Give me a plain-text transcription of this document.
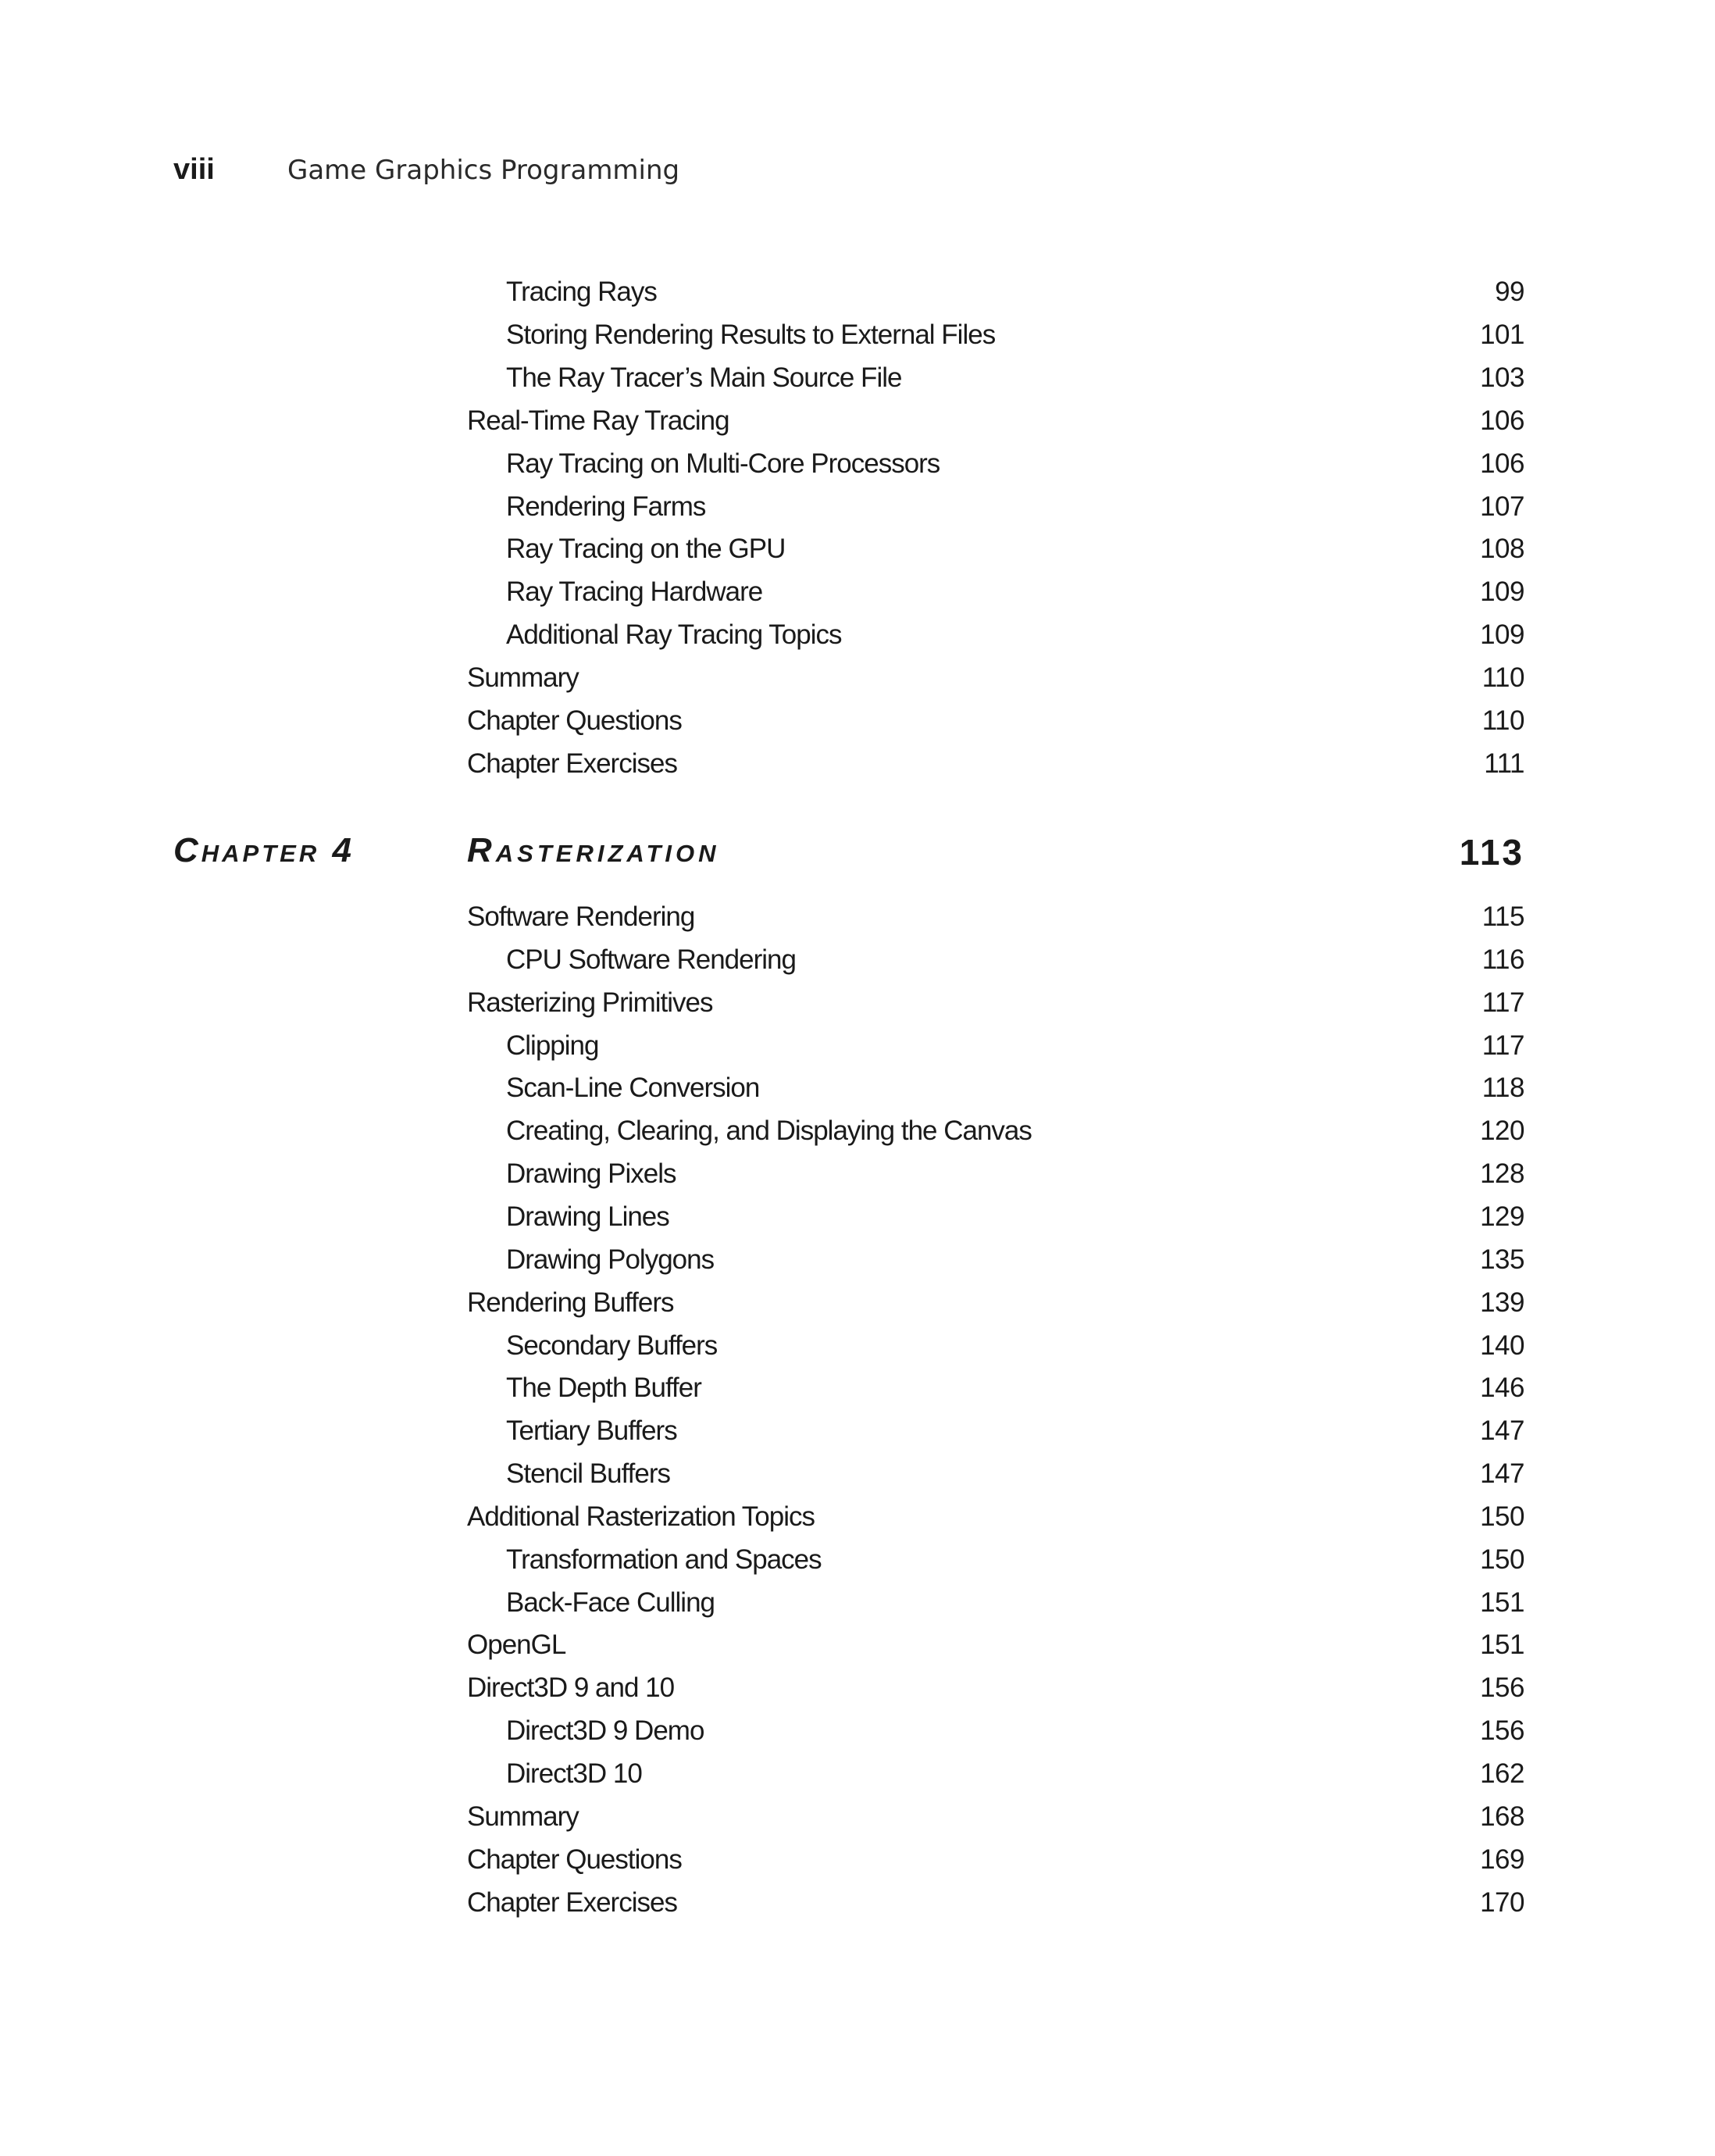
viii	Game Graphics Programming
Tracing Rays	99
Storing Rendering Results to External Files	101
The Ray Tracer’s Main Source File	103
Real-Time Ray Tracing	106
Ray Tracing on Multi-Core Processors	106
Rendering Farms	107
Ray Tracing on the GPU	108
Ray Tracing Hardware	109
Additional Ray Tracing Topics	109
Summary	110
Chapter Questions	110
Chapter Exercises	111
Chapter 4	Rasterization	113
Software Rendering	115
CPU Software Rendering	116
Rasterizing Primitives	117
Clipping	117
Scan-Line Conversion	118
Creating, Clearing, and Displaying the Canvas	120
Drawing Pixels	128
Drawing Lines	129
Drawing Polygons	135
Rendering Buffers	139
Secondary Buffers	140
The Depth Buffer	146
Tertiary Buffers	147
Stencil Buffers	147
Additional Rasterization Topics	150
Transformation and Spaces	150
Back-Face Culling	151
OpenGL	151
Direct3D 9 and 10	156
Direct3D 9 Demo	156
Direct3D 10	162
Summary	168
Chapter Questions	169
Chapter Exercises	170
